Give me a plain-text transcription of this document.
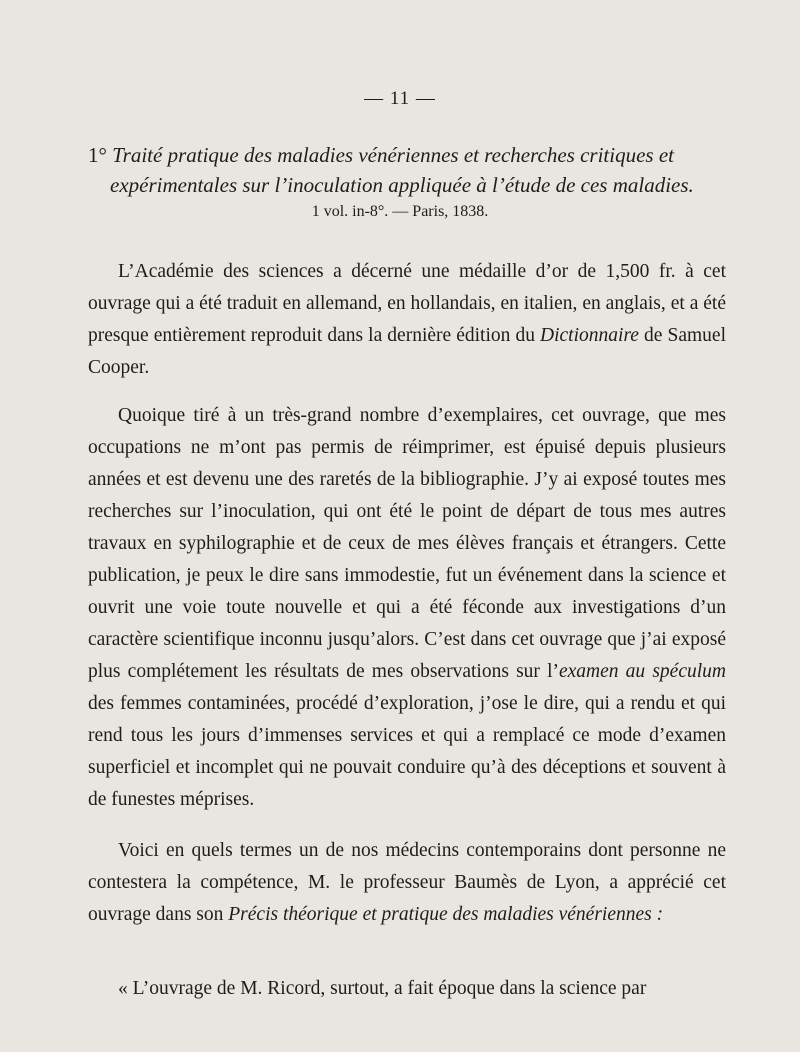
— 11 —
1° Traité pratique des maladies vénériennes et recherches critiques et
expérimentales sur l’inoculation appliquée à l’étude de ces maladies.
1 vol. in-8°. — Paris, 1838.

L’Académie des sciences a décerné une médaille d’or de 1,500 fr. à cet ouvrage qui a été traduit en allemand, en hollandais, en italien, en anglais, et a été presque entièrement reproduit dans la dernière édition du Dictionnaire de Samuel Cooper.

Quoique tiré à un très-grand nombre d’exemplaires, cet ouvrage, que mes occupations ne m’ont pas permis de réimprimer, est épuisé depuis plusieurs années et est devenu une des raretés de la bibliographie. J’y ai exposé toutes mes recherches sur l’inoculation, qui ont été le point de départ de tous mes autres travaux en syphilographie et de ceux de mes élèves français et étrangers. Cette publication, je peux le dire sans immodestie, fut un événement dans la science et ouvrit une voie toute nouvelle et qui a été féconde aux investigations d’un caractère scientifique inconnu jusqu’alors. C’est dans cet ouvrage que j’ai exposé plus complétement les résultats de mes observations sur l’examen au spéculum des femmes contaminées, procédé d’exploration, j’ose le dire, qui a rendu et qui rend tous les jours d’immenses services et qui a remplacé ce mode d’examen superficiel et incomplet qui ne pouvait conduire qu’à des déceptions et souvent à de funestes méprises.

Voici en quels termes un de nos médecins contemporains dont personne ne contestera la compétence, M. le professeur Baumès de Lyon, a apprécié cet ouvrage dans son Précis théorique et pratique des maladies vénériennes :

« L’ouvrage de M. Ricord, surtout, a fait époque dans la science par
